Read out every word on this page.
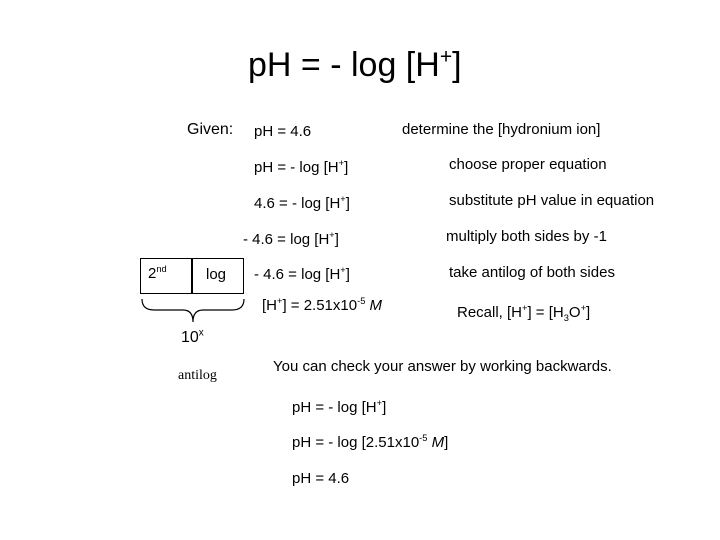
pH = - log [H+]
Given: pH = 4.6	determine the [hydronium ion]
pH = - log [H+]	choose proper equation
4.6 = - log [H+]	substitute pH value in equation
- 4.6 = log [H+]	multiply both sides by -1
- 4.6 = log [H+]	take antilog of both sides
$[H^+] = 2.51x10^{-5}$ M	Recall, $[H^+] = [H_3O^+]$
2nd	log
10$^x$
antilog
You can check your answer by working backwards.
pH = - log [H+]
pH = - $\log [2.51x10^{-5}$ M]
pH = 4.6
